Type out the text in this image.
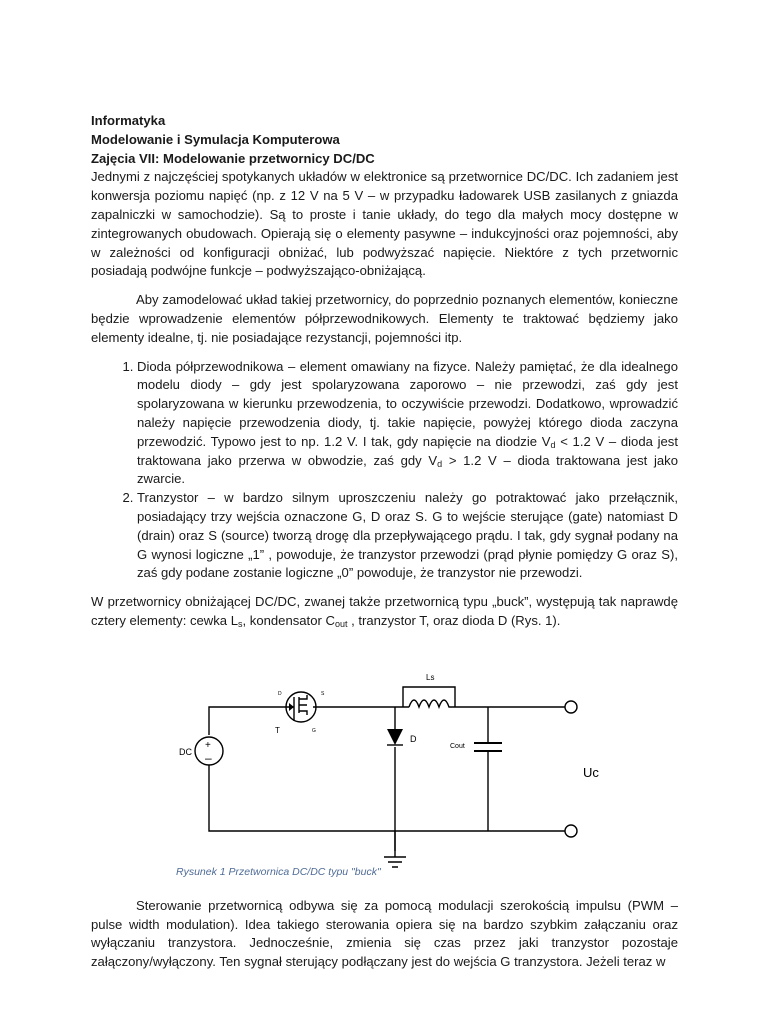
Informatyka

Modelowanie i Symulacja Komputerowa

Zajęcia VII: Modelowanie przetwornicy DC/DC

Jednymi z najczęściej spotykanych układów w elektronice są przetwornice DC/DC. Ich zadaniem jest konwersja poziomu napięć (np. z 12 V na 5 V – w przypadku ładowarek USB zasilanych z gniazda zapalniczki w samochodzie). Są to proste i tanie układy, do tego dla małych mocy dostępne w zintegrowanych obudowach. Opierają się o elementy pasywne – indukcyjności oraz pojemności, aby w zależności od konfiguracji obniżać, lub podwyższać napięcie. Niektóre z tych przetwornic posiadają podwójne funkcje – podwyższająco-obniżającą.

Aby zamodelować układ takiej przetwornicy, do poprzednio poznanych elementów, konieczne będzie wprowadzenie elementów półprzewodnikowych. Elementy te traktować będziemy jako elementy idealne, tj. nie posiadające rezystancji, pojemności itp.

1. Dioda półprzewodnikowa – element omawiany na fizyce. Należy pamiętać, że dla idealnego modelu diody – gdy jest spolaryzowana zaporowo – nie przewodzi, zaś gdy jest spolaryzowana w kierunku przewodzenia, to oczywiście przewodzi. Dodatkowo, wprowadzić należy napięcie przewodzenia diody, tj. takie napięcie, powyżej którego dioda zaczyna przewodzić. Typowo jest to np. 1.2 V. I tak, gdy napięcie na diodzie $V_d < 1.2$ V – dioda jest traktowana jako przerwa w obwodzie, zaś gdy $V_d > 1.2$ V – dioda traktowana jest jako zwarcie.
2. Tranzystor – w bardzo silnym uproszczeniu należy go potraktować jako przełącznik, posiadający trzy wejścia oznaczone G, D oraz S. G to wejście sterujące (gate) natomiast D (drain) oraz S (source) tworzą drogę dla przepływającego prądu. I tak, gdy sygnał podany na G wynosi logiczne „1” , powoduje, że tranzystor przewodzi (prąd płynie pomiędzy G oraz S), zaś gdy podane zostanie logiczne „0” powoduje, że tranzystor nie przewodzi.

W przetwornicy obniżającej DC/DC, zwanej także przetwornicą typu „buck”, występują tak naprawdę cztery elementy: cewka $L_s$, kondensator $C_{out}$ , tranzystor T, oraz dioda D (Rys. 1).

+
–
Ls
DC
T
D	S
G
D
Cout
Uc
Rysunek 1 Przetwornica DC/DC typu "buck"

Sterowanie przetwornicą odbywa się za pomocą modulacji szerokością impulsu (PWM – pulse width modulation). Idea takiego sterowania opiera się na bardzo szybkim załączaniu oraz wyłączaniu tranzystora. Jednocześnie, zmienia się czas przez jaki tranzystor pozostaje załączony/wyłączony. Ten sygnał sterujący podłączany jest do wejścia G tranzystora. Jeżeli teraz w
